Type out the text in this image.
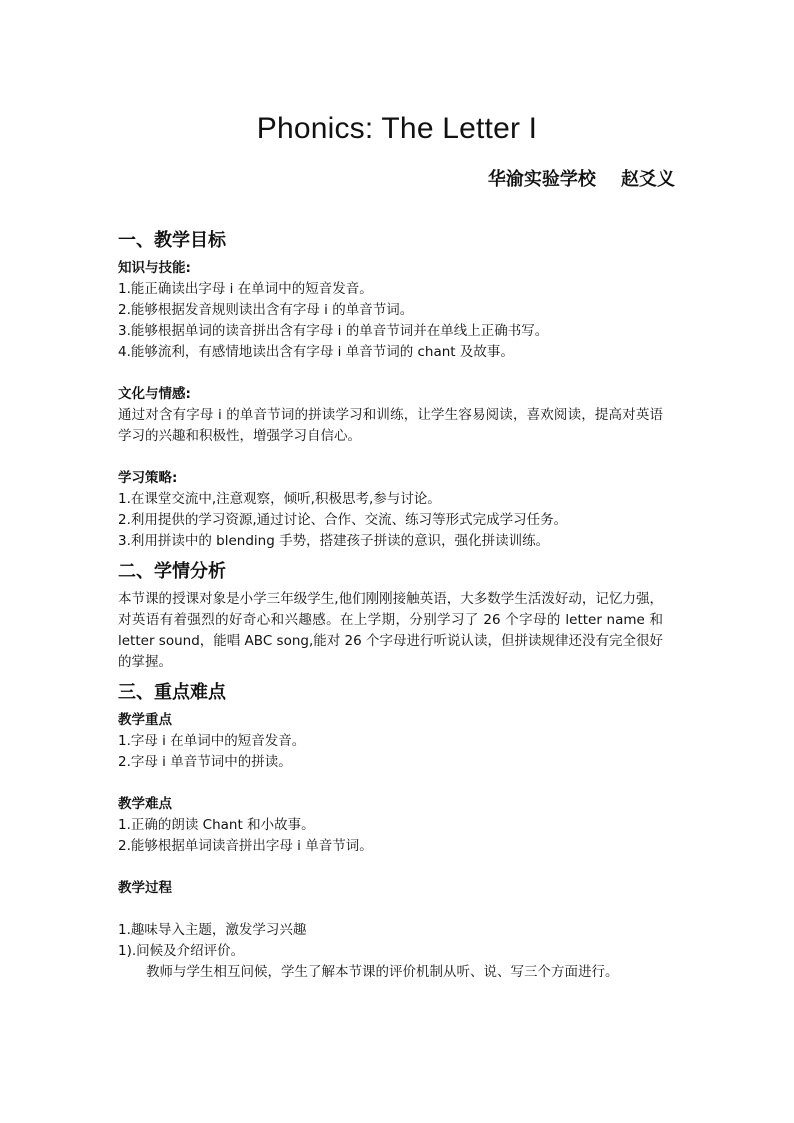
Phonics: The Letter I
华渝实验学校    赵爻义
一、教学目标
知识与技能:
1.能正确读出字母 i 在单词中的短音发音。
2.能够根据发音规则读出含有字母 i 的单音节词。
3.能够根据单词的读音拼出含有字母 i 的单音节词并在单线上正确书写。
4.能够流利，有感情地读出含有字母 i 单音节词的 chant 及故事。
文化与情感:
通过对含有字母 i 的单音节词的拼读学习和训练，让学生容易阅读，喜欢阅读，提高对英语学习的兴趣和积极性，增强学习自信心。
学习策略:
1.在课堂交流中,注意观察，倾听,积极思考,参与讨论。
2.利用提供的学习资源,通过讨论、合作、交流、练习等形式完成学习任务。
3.利用拼读中的 blending 手势，搭建孩子拼读的意识，强化拼读训练。
二、学情分析
本节课的授课对象是小学三年级学生,他们刚刚接触英语，大多数学生活泼好动，记忆力强，对英语有着强烈的好奇心和兴趣感。在上学期，分别学习了 26 个字母的 letter name 和 letter sound，能唱 ABC song,能对 26 个字母进行听说认读，但拼读规律还没有完全很好的掌握。
三、重点难点
教学重点
1.字母 i 在单词中的短音发音。
2.字母 i 单音节词中的拼读。
教学难点
1.正确的朗读 Chant 和小故事。
2.能够根据单词读音拼出字母 i 单音节词。
教学过程
1.趣味导入主题，激发学习兴趣
1).问候及介绍评价。
教师与学生相互问候，学生了解本节课的评价机制从听、说、写三个方面进行。
